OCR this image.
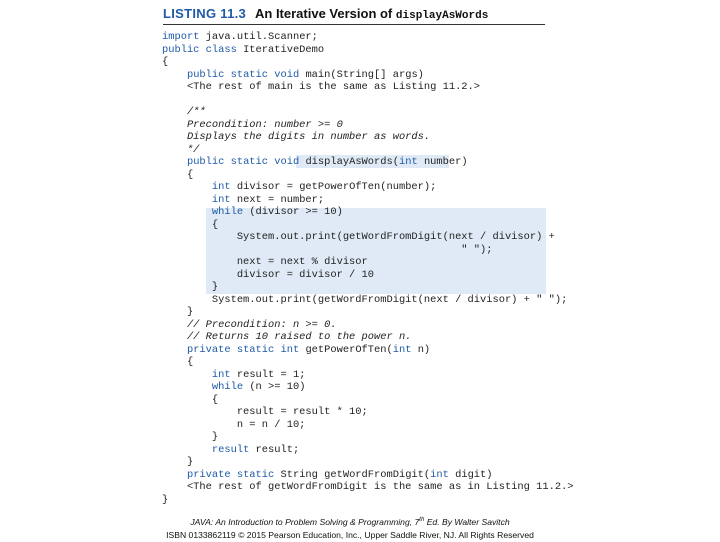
LISTING 11.3 An Iterative Version of displayAsWords
import java.util.Scanner;
public class IterativeDemo
{
public static void main(String[] args)
<The rest of main is the same as Listing 11.2.>
/**
Precondition: number >= 0
Displays the digits in number as words.
*/
public static void displayAsWords(int number)
{
int divisor = getPowerOfTen(number);
int next = number;
while (divisor >= 10)
{
System.out.print(getWordFromDigit(next / divisor) +
" ");
next = next % divisor
divisor = divisor / 10
}
System.out.print(getWordFromDigit(next / divisor) + " ");
}
// Precondition: n >= 0.
// Returns 10 raised to the power n.
private static int getPowerOfTen(int n)
{
int result = 1;
while (n >= 10)
{
result = result * 10;
n = n / 10;
}
result result;
}
private static String getWordFromDigit(int digit)
<The rest of getWordFromDigit is the same as in Listing 11.2.>
}
JAVA: An Introduction to Problem Solving & Programming, 7th Ed. By Walter Savitch
ISBN 0133862119 © 2015 Pearson Education, Inc., Upper Saddle River, NJ. All Rights Reserved
